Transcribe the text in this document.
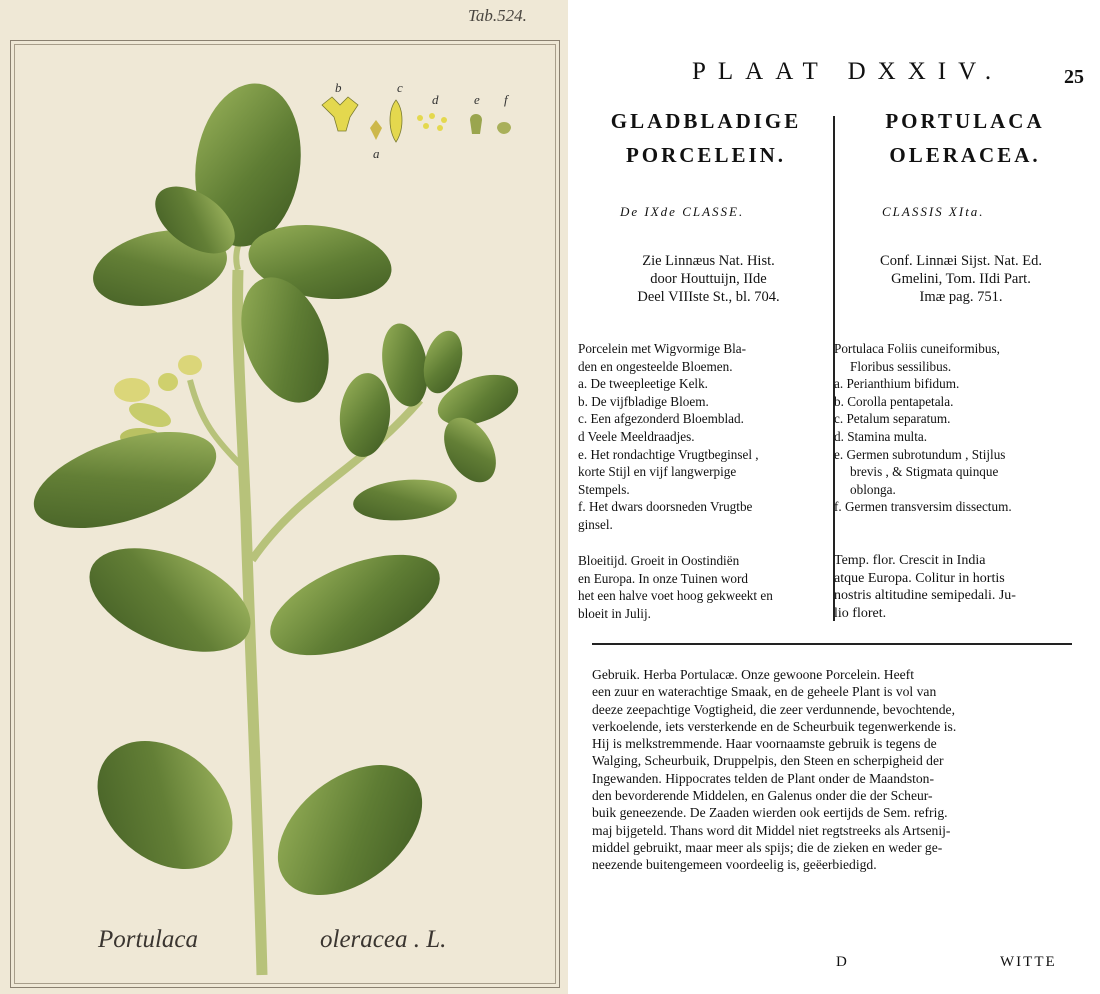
Tab.524.
b
a
c
d	e f
Portulaca	oleracea . L.
PLAAT DXXIV.	25
GLADBLADIGE
PORCELEIN.
PORTULACA
OLERACEA.
De IXde CLASSE.	CLASSIS XIta.
Zie Linnæus Nat. Hist.
door Houttuijn, IIde
Deel VIIIste St., bl. 704.
Conf. Linnæi Sijst. Nat. Ed.
Gmelini, Tom. IIdi Part.
Imæ pag. 751.
Porcelein met Wigvormige Bla-
den en ongesteelde Bloemen.
a. De tweeplеetige Kelk.
b. De vijfbladige Bloem.
c. Een afgezonderd Bloemblad.
d Veele Meeldraadjes.
e. Het rondachtige Vrugtbeginsel ,
korte Stijl en vijf langwerpige
Stempels.
f. Het dwars doorsneden Vrugtbe
ginsel.
Portulaca Foliis cuneiformibus,
Floribus sessilibus.
a. Perianthium bifidum.
b. Corolla pentapetala.
c. Petalum separatum.
d. Stamina multa.
e. Germen subrotundum , Stijlus
brevis , & Stigmata quinque
oblonga.
f. Germen transversim dissectum.
Bloeitijd. Groeit in Oostindiën
en Europa. In onze Tuinen word
het een halve voet hoog gekweekt en
bloeit in Julij.
Temp. flor. Crescit in India
atque Europa. Colitur in hortis
nostris altitudine semipedali. Ju-
lio floret.
Gebruik. Herba Portulacæ. Onze gewoone Porcelein. Heeft
een zuur en waterachtige Smaak, en de geheele Plant is vol van
deeze zeepachtige Vogtigheid, die zeer verdunnende, bevochtende,
verkoelende, iets versterkende en de Scheurbuik tegenwerkende is.
Hij is melkstremmende. Haar voornaamste gebruik is tegens de
Walging, Scheurbuik, Druppelpis, den Steen en scherpigheid der
Ingewanden. Hippocrates telden de Plant onder de Maandston-
den bevorderende Middelen, en Galenus onder die der Scheur-
buik geneezende. De Zaaden wierden ook eertijds de Sem. refrig.
maj bijgeteld. Thans word dit Middel niet regtstreeks als Artsenij-
middel gebruikt, maar meer als spijs; die de zieken en weder ge-
neezende buitengemeen voordeelig is, geëerbiedigd.
D	WITTE
